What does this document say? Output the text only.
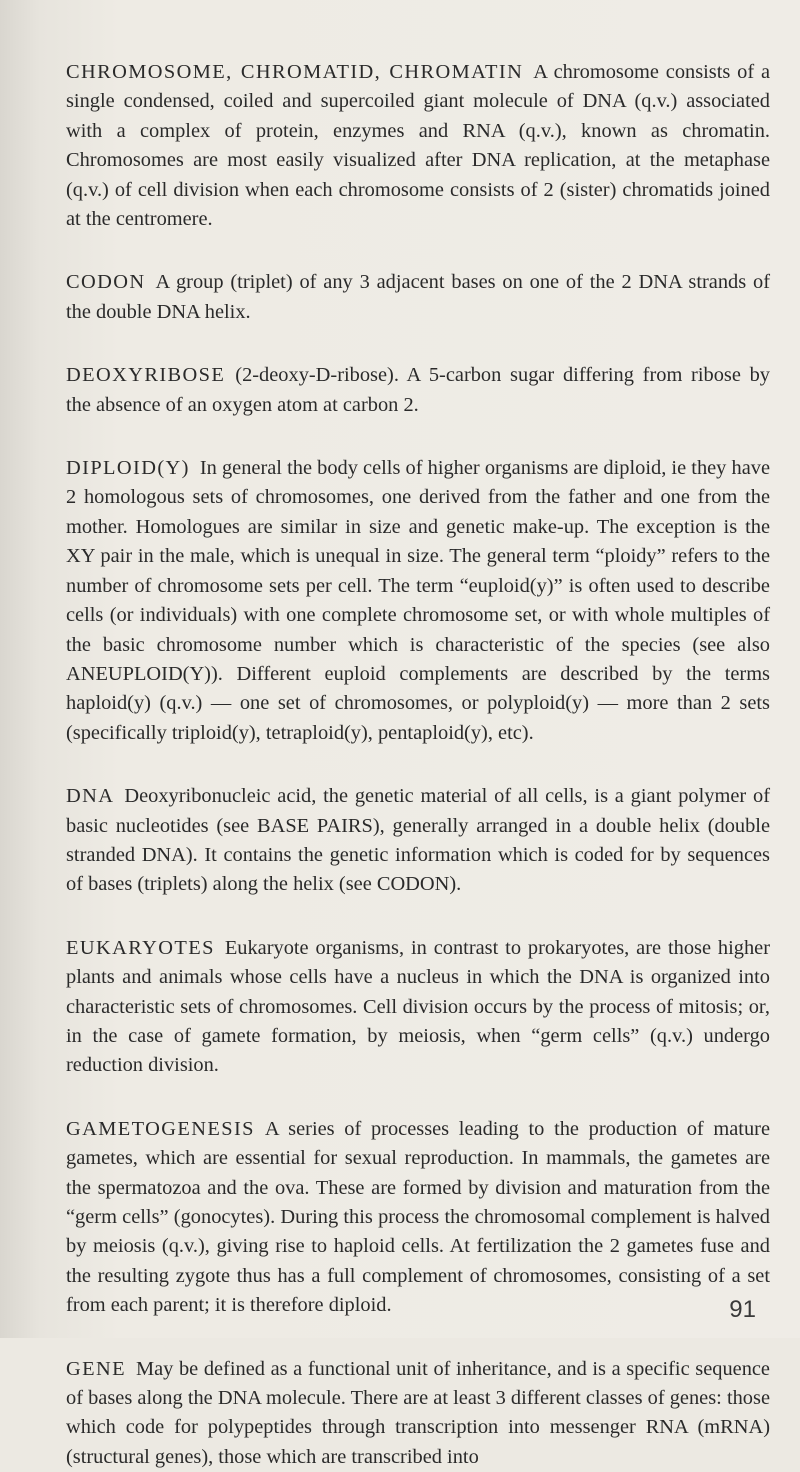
CHROMOSOME, CHROMATID, CHROMATIN A chromosome consists of a single condensed, coiled and supercoiled giant molecule of DNA (q.v.) associated with a complex of protein, enzymes and RNA (q.v.), known as chromatin. Chromosomes are most easily visualized after DNA replication, at the metaphase (q.v.) of cell division when each chromosome consists of 2 (sister) chromatids joined at the centromere.

CODON A group (triplet) of any 3 adjacent bases on one of the 2 DNA strands of the double DNA helix.

DEOXYRIBOSE (2-deoxy-D-ribose). A 5-carbon sugar differing from ribose by the absence of an oxygen atom at carbon 2.

DIPLOID(Y) In general the body cells of higher organisms are diploid, ie they have 2 homologous sets of chromosomes, one derived from the father and one from the mother. Homologues are similar in size and genetic make-up. The exception is the XY pair in the male, which is unequal in size. The general term “ploidy” refers to the number of chromosome sets per cell. The term “euploid(y)” is often used to describe cells (or individuals) with one complete chromosome set, or with whole multiples of the basic chromosome number which is characteristic of the species (see also ANEUPLOID(Y)). Different euploid complements are described by the terms haploid(y) (q.v.) — one set of chromosomes, or polyploid(y) — more than 2 sets (specifically triploid(y), tetraploid(y), pentaploid(y), etc).

DNA Deoxyribonucleic acid, the genetic material of all cells, is a giant polymer of basic nucleotides (see BASE PAIRS), generally arranged in a double helix (double stranded DNA). It contains the genetic information which is coded for by sequences of bases (triplets) along the helix (see CODON).

EUKARYOTES Eukaryote organisms, in contrast to prokaryotes, are those higher plants and animals whose cells have a nucleus in which the DNA is organized into characteristic sets of chromosomes. Cell division occurs by the process of mitosis; or, in the case of gamete formation, by meiosis, when “germ cells” (q.v.) undergo reduction division.

GAMETOGENESIS A series of processes leading to the production of mature gametes, which are essential for sexual reproduction. In mammals, the gametes are the spermatozoa and the ova. These are formed by division and maturation from the “germ cells” (gonocytes). During this process the chromosomal complement is halved by meiosis (q.v.), giving rise to haploid cells. At fertilization the 2 gametes fuse and the resulting zygote thus has a full complement of chromosomes, consisting of a set from each parent; it is therefore diploid.

GENE May be defined as a functional unit of inheritance, and is a specific sequence of bases along the DNA molecule. There are at least 3 different classes of genes: those which code for polypeptides through transcription into messenger RNA (mRNA) (structural genes), those which are transcribed into

91
